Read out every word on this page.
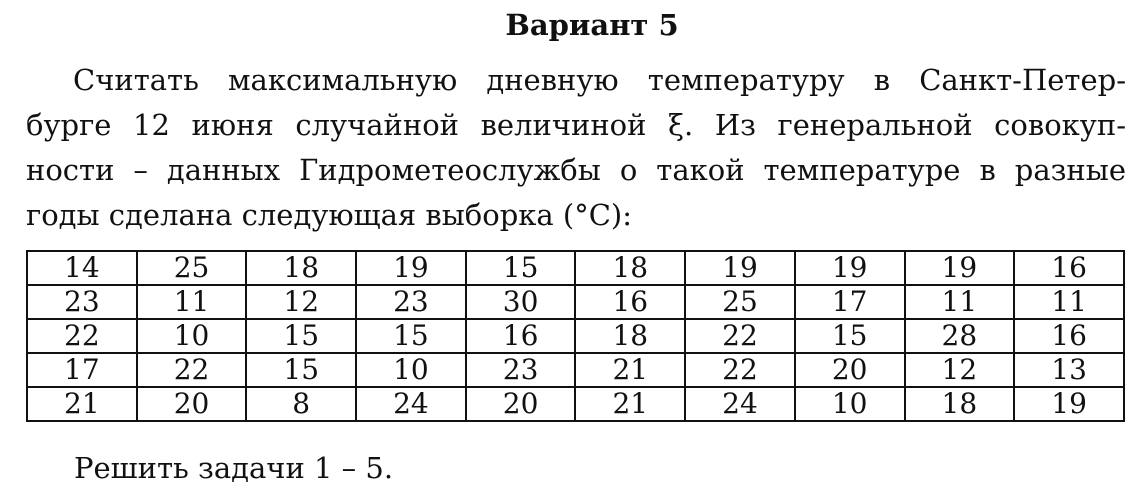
Вариант 5
Считать максимальную дневную температуру в Санкт-Петер-
бурге 12 июня случайной величиной ξ. Из генеральной совокуп-
ности – данных Гидрометеослужбы о такой температуре в разные
годы сделана следующая выборка (°C):
14	25	18	19	15	18	19	19	19	16
23	11	12	23	30	16	25	17	11	11
22	10	15	15	16	18	22	15	28	16
17	22	15	10	23	21	22	20	12	13
21	20	8	24	20	21	24	10	18	19
Решить задачи 1 – 5.
